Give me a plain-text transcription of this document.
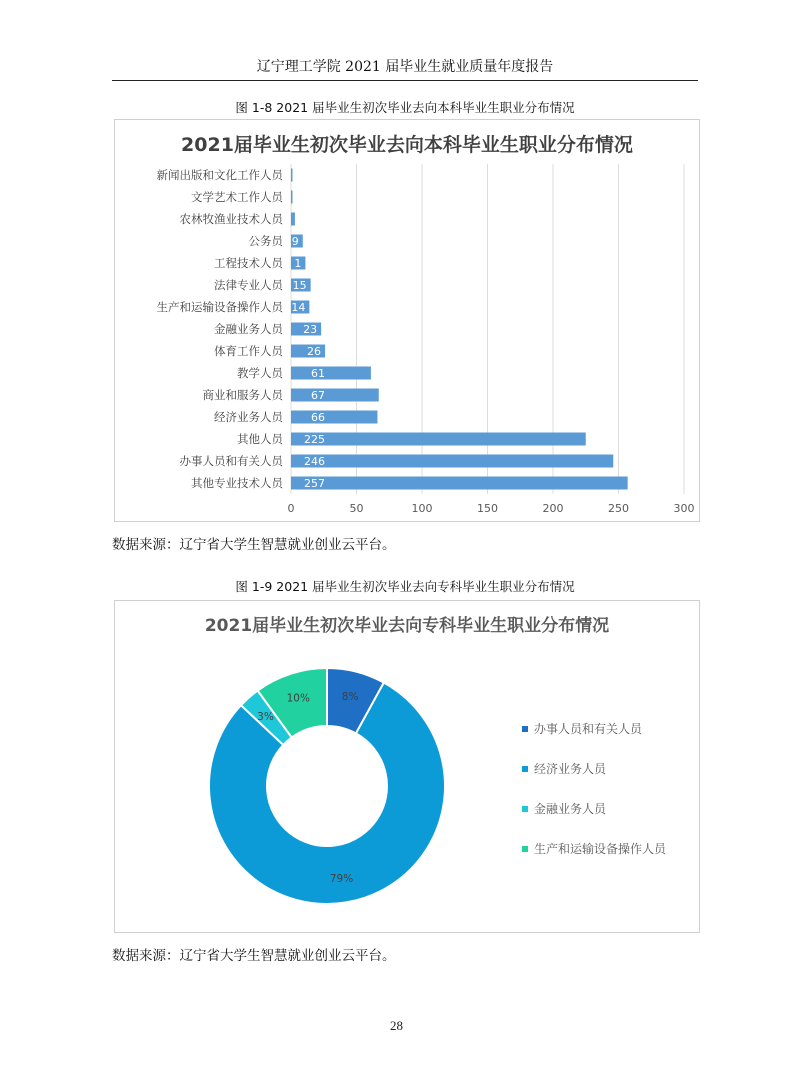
辽宁理工学院 2021 届毕业生就业质量年度报告
图 1-8 2021 届毕业生初次毕业去向本科毕业生职业分布情况
2021届毕业生初次毕业去向本科毕业生职业分布情况
0	50	100	150	200	250	300
新闻出版和文化工作人员
文学艺术工作人员
农林牧渔业技术人员
公务员 9
工程技术人员 1
法律专业人员 15
生产和运输设备操作人员 14
金融业务人员 23
体育工作人员 26
教学人员	61
商业和服务人员	67
经济业务人员	66
其他人员 225
办事人员和有关人员 246
其他专业技术人员 257
数据来源：辽宁省大学生智慧就业创业云平台。
图 1-9 2021 届毕业生初次毕业去向专科毕业生职业分布情况
2021届毕业生初次毕业去向专科毕业生职业分布情况
8%
79%
3%
10%
办事人员和有关人员
经济业务人员
金融业务人员
生产和运输设备操作人员
数据来源：辽宁省大学生智慧就业创业云平台。
28
